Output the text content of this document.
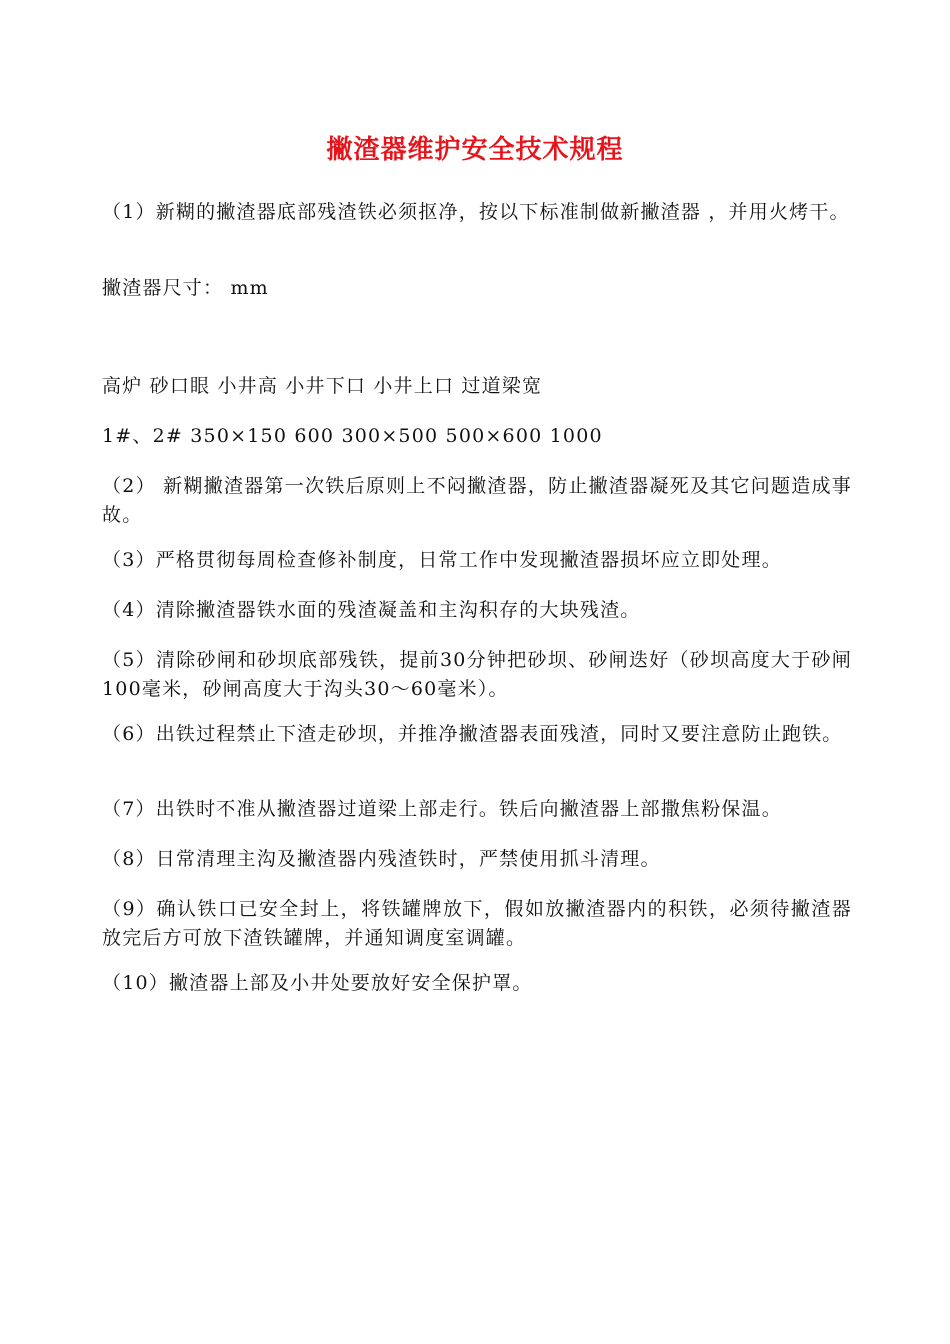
撇渣器维护安全技术规程

（1）新糊的撇渣器底部残渣铁必须抠净，按以下标准制做新撇渣器 ，并用火烤干。

撇渣器尺寸： mm

高炉 砂口眼 小井高 小井下口 小井上口 过道梁宽

1#、2# 350×150 600 300×500 500×600 1000

（2） 新糊撇渣器第一次铁后原则上不闷撇渣器，防止撇渣器凝死及其它问题造成事故。

（3）严格贯彻每周检查修补制度，日常工作中发现撇渣器损坏应立即处理。

（4）清除撇渣器铁水面的残渣凝盖和主沟积存的大块残渣。

（5）清除砂闸和砂坝底部残铁，提前30分钟把砂坝、砂闸迭好（砂坝高度大于砂闸100毫米，砂闸高度大于沟头30～60毫米）。

（6）出铁过程禁止下渣走砂坝，并推净撇渣器表面残渣，同时又要注意防止跑铁。

（7）出铁时不准从撇渣器过道梁上部走行。铁后向撇渣器上部撒焦粉保温。

（8）日常清理主沟及撇渣器内残渣铁时，严禁使用抓斗清理。

（9）确认铁口已安全封上，将铁罐牌放下，假如放撇渣器内的积铁，必须待撇渣器放完后方可放下渣铁罐牌，并通知调度室调罐。

（10）撇渣器上部及小井处要放好安全保护罩。
